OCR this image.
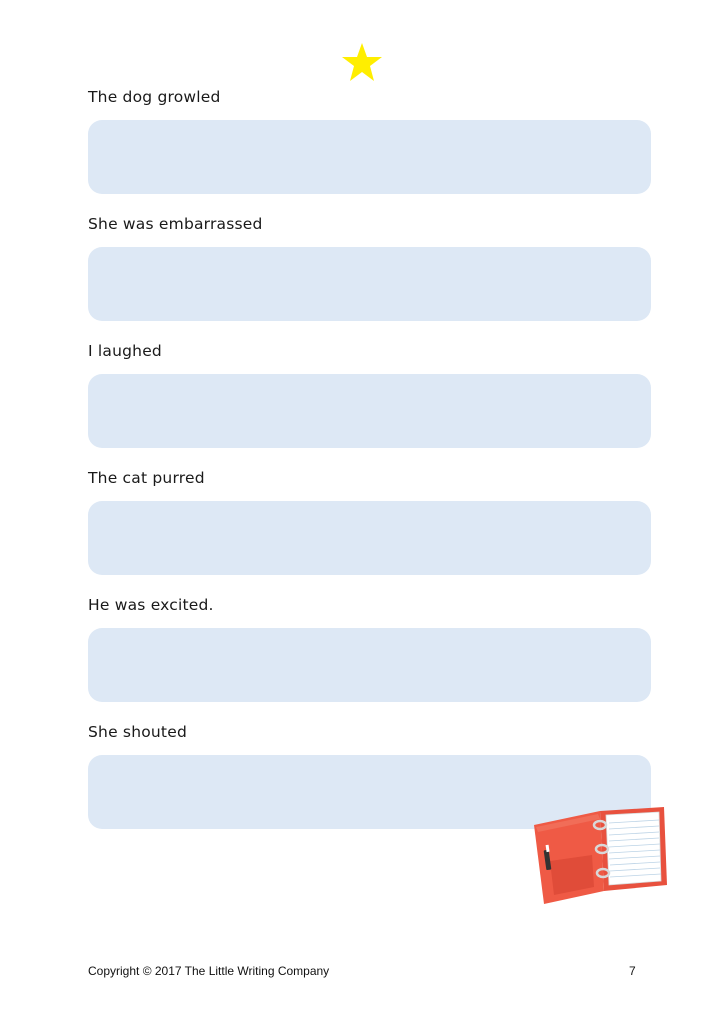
The dog growled
She was embarrassed
I laughed
The cat purred
He was excited.
She shouted
Copyright © 2017 The Little Writing Company	7
